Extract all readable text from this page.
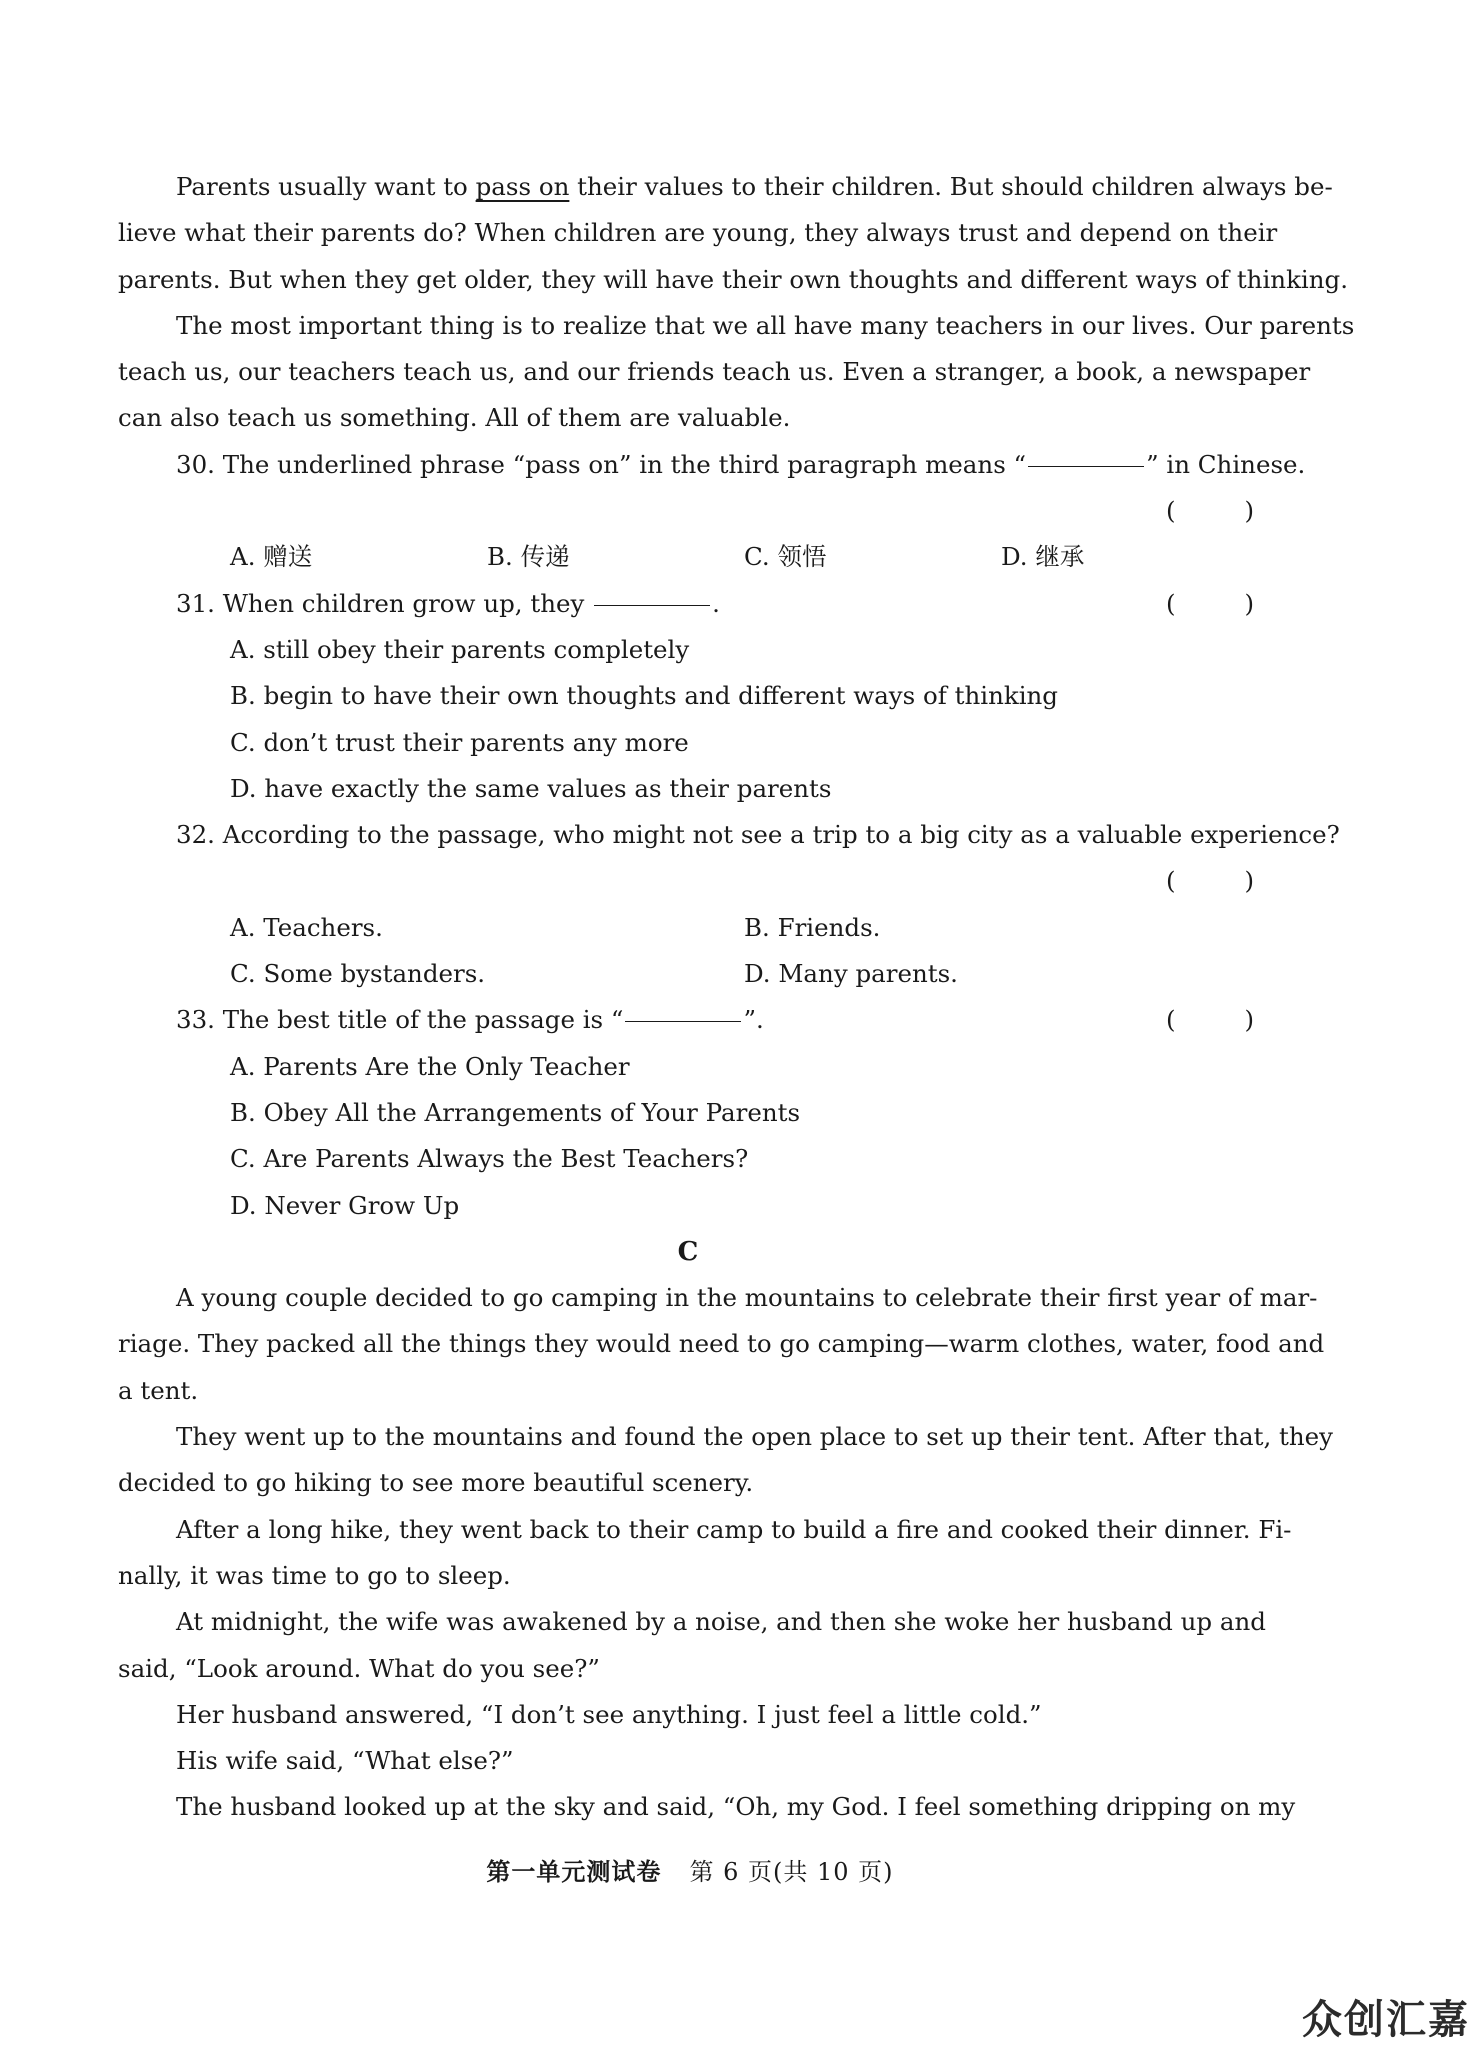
Parents usually want to pass on their values to their children. But should children always be-
lieve what their parents do? When children are young, they always trust and depend on their
parents. But when they get older, they will have their own thoughts and different ways of thinking.
The most important thing is to realize that we all have many teachers in our lives. Our parents
teach us, our teachers teach us, and our friends teach us. Even a stranger, a book, a newspaper
can also teach us something. All of them are valuable.
30. The underlined phrase “pass on” in the third paragraph means “	” in Chinese.
( )
A. 赠送	B. 传递	C. 领悟	D. 继承
31. When children grow up, they	.	( )
A. still obey their parents completely
B. begin to have their own thoughts and different ways of thinking
C. don’t trust their parents any more
D. have exactly the same values as their parents
32. According to the passage, who might not see a trip to a big city as a valuable experience?
( )
A. Teachers.	B. Friends.
C. Some bystanders.	D. Many parents.
33. The best title of the passage is “	”.	( )
A. Parents Are the Only Teacher
B. Obey All the Arrangements of Your Parents
C. Are Parents Always the Best Teachers?
D. Never Grow Up
C
A young couple decided to go camping in the mountains to celebrate their first year of mar-
riage. They packed all the things they would need to go camping—warm clothes, water, food and
a tent.
They went up to the mountains and found the open place to set up their tent. After that, they
decided to go hiking to see more beautiful scenery.
After a long hike, they went back to their camp to build a fire and cooked their dinner. Fi-
nally, it was time to go to sleep.
At midnight, the wife was awakened by a noise, and then she woke her husband up and
said, “Look around. What do you see?”
Her husband answered, “I don’t see anything. I just feel a little cold.”
His wife said, “What else?”
The husband looked up at the sky and said, “Oh, my God. I feel something dripping on my
第一单元测试卷 第 6 页(共 10 页)
众创汇嘉
